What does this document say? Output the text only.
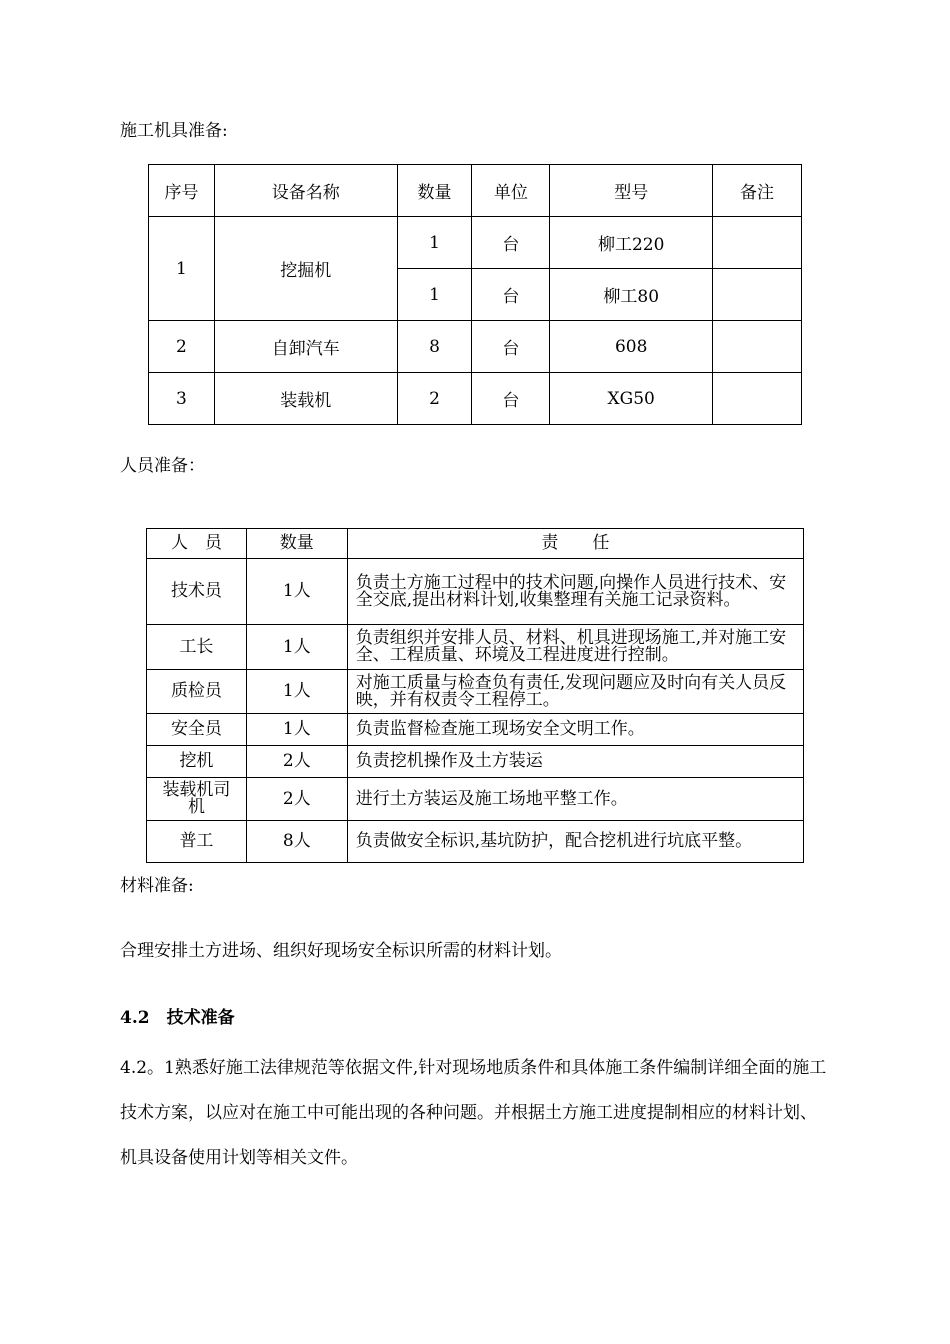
施工机具准备:
序号	设备名称	数量	单位	型号	备注
1	挖掘机	1	台	柳工220	
		1	台	柳工80	
2	自卸汽车	8	台	608	
3	装载机	2	台	XG50	
人员准备：
人　员	数量	责　　任
技术员	1人	负责土方施工过程中的技术问题,向操作人员进行技术、安全交底,提出材料计划,收集整理有关施工记录资料。
工长	1人	负责组织并安排人员、材料、机具进现场施工,并对施工安全、工程质量、环境及工程进度进行控制。
质检员	1人	对施工质量与检查负有责任,发现问题应及时向有关人员反映，并有权责令工程停工。
安全员	1人	负责监督检查施工现场安全文明工作。
挖机	2人	负责挖机操作及土方装运
装载机司机	2人	进行土方装运及施工场地平整工作。
普工	8人	负责做安全标识,基坑防护，配合挖机进行坑底平整。
材料准备:
合理安排土方进场、组织好现场安全标识所需的材料计划。
4.2　技术准备
4.2。1熟悉好施工法律规范等依据文件,针对现场地质条件和具体施工条件编制详细全面的施工技术方案，以应对在施工中可能出现的各种问题。并根据土方施工进度提制相应的材料计划、机具设备使用计划等相关文件。
